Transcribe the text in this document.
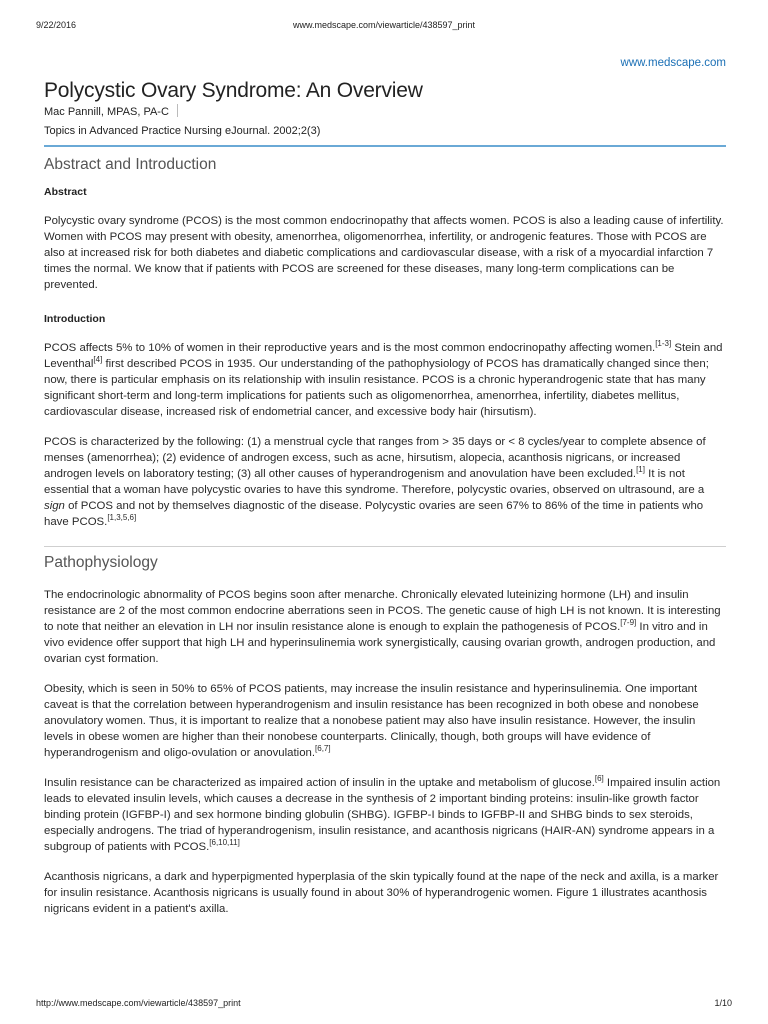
9/22/2016	www.medscape.com/viewarticle/438597_print
www.medscape.com
Polycystic Ovary Syndrome: An Overview
Mac Pannill, MPAS, PA-C
Topics in Advanced Practice Nursing eJournal. 2002;2(3)
Abstract and Introduction
Abstract

Polycystic ovary syndrome (PCOS) is the most common endocrinopathy that affects women. PCOS is also a leading cause of infertility. Women with PCOS may present with obesity, amenorrhea, oligomenorrhea, infertility, or androgenic features. Those with PCOS are also at increased risk for both diabetes and diabetic complications and cardiovascular disease, with a risk of a myocardial infarction 7 times the normal. We know that if patients with PCOS are screened for these diseases, many long-term complications can be prevented.

Introduction

PCOS affects 5% to 10% of women in their reproductive years and is the most common endocrinopathy affecting women.[1-3] Stein and Leventhal[4] first described PCOS in 1935. Our understanding of the pathophysiology of PCOS has dramatically changed since then; now, there is particular emphasis on its relationship with insulin resistance. PCOS is a chronic hyperandrogenic state that has many significant short-term and long-term implications for patients such as oligomenorrhea, amenorrhea, infertility, diabetes mellitus, cardiovascular disease, increased risk of endometrial cancer, and excessive body hair (hirsutism).

PCOS is characterized by the following: (1) a menstrual cycle that ranges from > 35 days or < 8 cycles/year to complete absence of menses (amenorrhea); (2) evidence of androgen excess, such as acne, hirsutism, alopecia, acanthosis nigricans, or increased androgen levels on laboratory testing; (3) all other causes of hyperandrogenism and anovulation have been excluded.[1] It is not essential that a woman have polycystic ovaries to have this syndrome. Therefore, polycystic ovaries, observed on ultrasound, are a sign of PCOS and not by themselves diagnostic of the disease. Polycystic ovaries are seen 67% to 86% of the time in patients who have PCOS.[1,3,5,6]

Pathophysiology

The endocrinologic abnormality of PCOS begins soon after menarche. Chronically elevated luteinizing hormone (LH) and insulin resistance are 2 of the most common endocrine aberrations seen in PCOS. The genetic cause of high LH is not known. It is interesting to note that neither an elevation in LH nor insulin resistance alone is enough to explain the pathogenesis of PCOS.[7-9] In vitro and in vivo evidence offer support that high LH and hyperinsulinemia work synergistically, causing ovarian growth, androgen production, and ovarian cyst formation.

Obesity, which is seen in 50% to 65% of PCOS patients, may increase the insulin resistance and hyperinsulinemia. One important caveat is that the correlation between hyperandrogenism and insulin resistance has been recognized in both obese and nonobese anovulatory women. Thus, it is important to realize that a nonobese patient may also have insulin resistance. However, the insulin levels in obese women are higher than their nonobese counterparts. Clinically, though, both groups will have evidence of hyperandrogenism and oligo-ovulation or anovulation.[6,7]

Insulin resistance can be characterized as impaired action of insulin in the uptake and metabolism of glucose.[6] Impaired insulin action leads to elevated insulin levels, which causes a decrease in the synthesis of 2 important binding proteins: insulin-like growth factor binding protein (IGFBP-I) and sex hormone binding globulin (SHBG). IGFBP-I binds to IGFBP-II and SHBG binds to sex steroids, especially androgens. The triad of hyperandrogenism, insulin resistance, and acanthosis nigricans (HAIR-AN) syndrome appears in a subgroup of patients with PCOS.[6,10,11]

Acanthosis nigricans, a dark and hyperpigmented hyperplasia of the skin typically found at the nape of the neck and axilla, is a marker for insulin resistance. Acanthosis nigricans is usually found in about 30% of hyperandrogenic women. Figure 1 illustrates acanthosis nigricans evident in a patient's axilla.

http://www.medscape.com/viewarticle/438597_print	1/10
